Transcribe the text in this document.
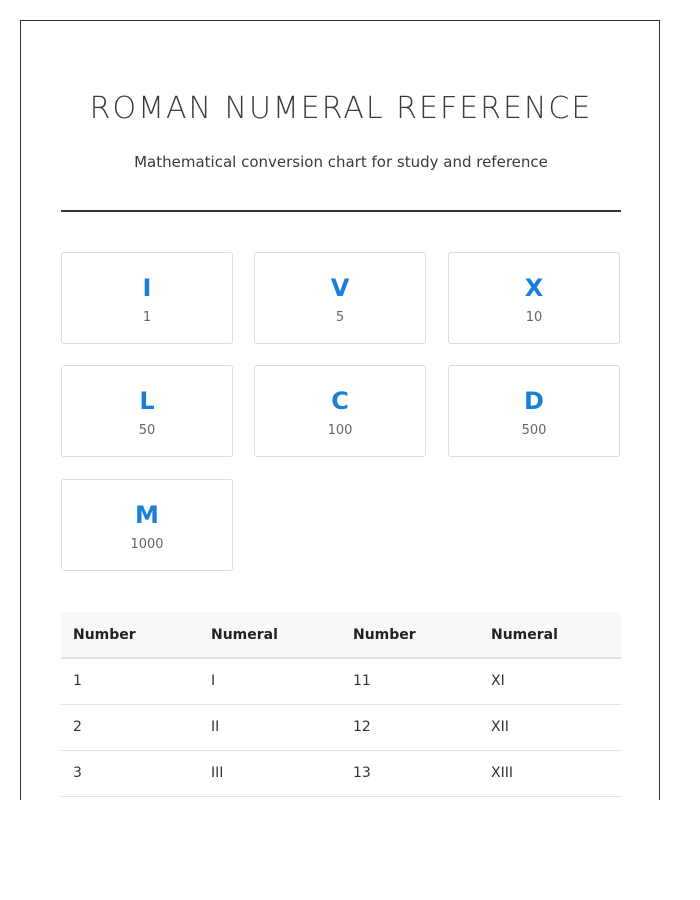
ROMAN NUMERAL REFERENCE
Mathematical conversion chart for study and reference
I
1
V
5
X
10
L
50
C
100
D
500
M
1000
Number	Numeral	Number	Numeral
1	I	11	XI
2	II	12	XII
3	III	13	XIII
